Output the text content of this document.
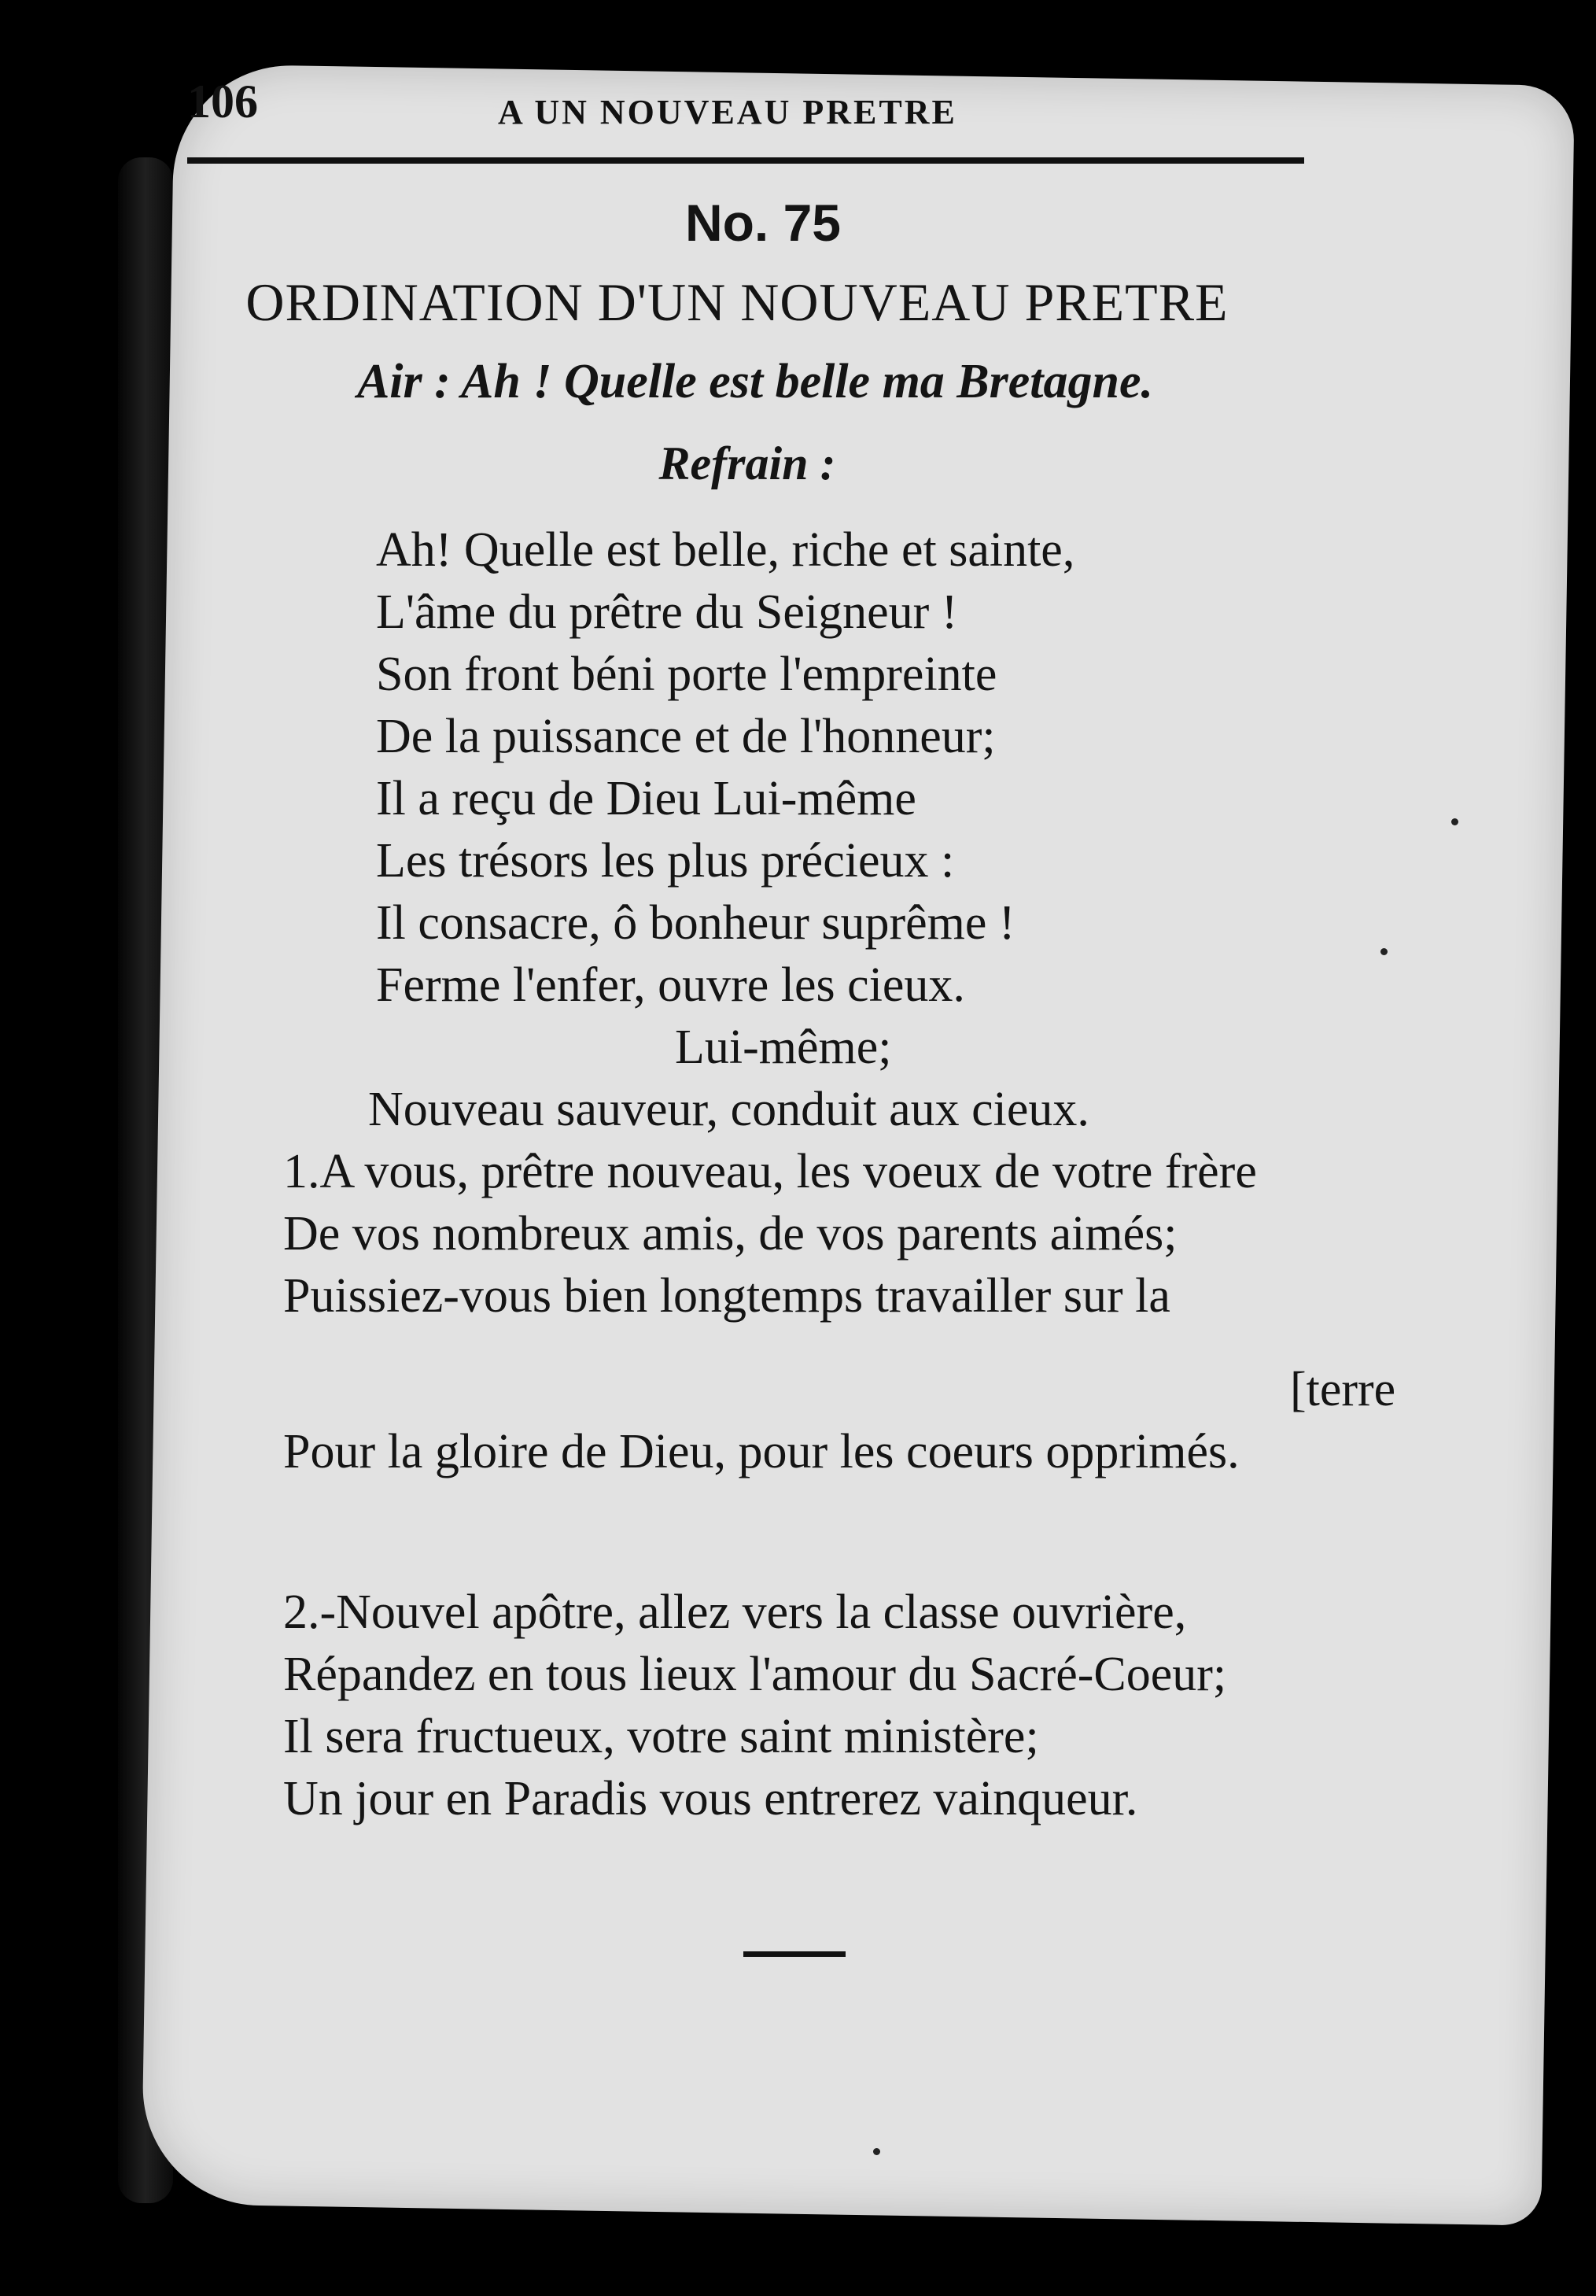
106	A UN NOUVEAU PRETRE
No. 75
ORDINATION D'UN NOUVEAU PRETRE
Air : Ah ! Quelle est belle ma Bretagne.
Refrain :
Ah! Quelle est belle, riche et sainte,
L'âme du prêtre du Seigneur !
Son front béni porte l'empreinte
De la puissance et de l'honneur;
Il a reçu de Dieu Lui-même
Les trésors les plus précieux :
Il consacre, ô bonheur suprême !
Ferme l'enfer, ouvre les cieux.
Lui-même;
Nouveau sauveur, conduit aux cieux.
1.A vous, prêtre nouveau, les voeux de votre frère
De vos nombreux amis, de vos parents aimés;
Puissiez-vous bien longtemps travailler sur la
[terre
Pour la gloire de Dieu, pour les coeurs opprimés.
2.-Nouvel apôtre, allez vers la classe ouvrière,
Répandez en tous lieux l'amour du Sacré-Coeur;
Il sera fructueux, votre saint ministère;
Un jour en Paradis vous entrerez vainqueur.
